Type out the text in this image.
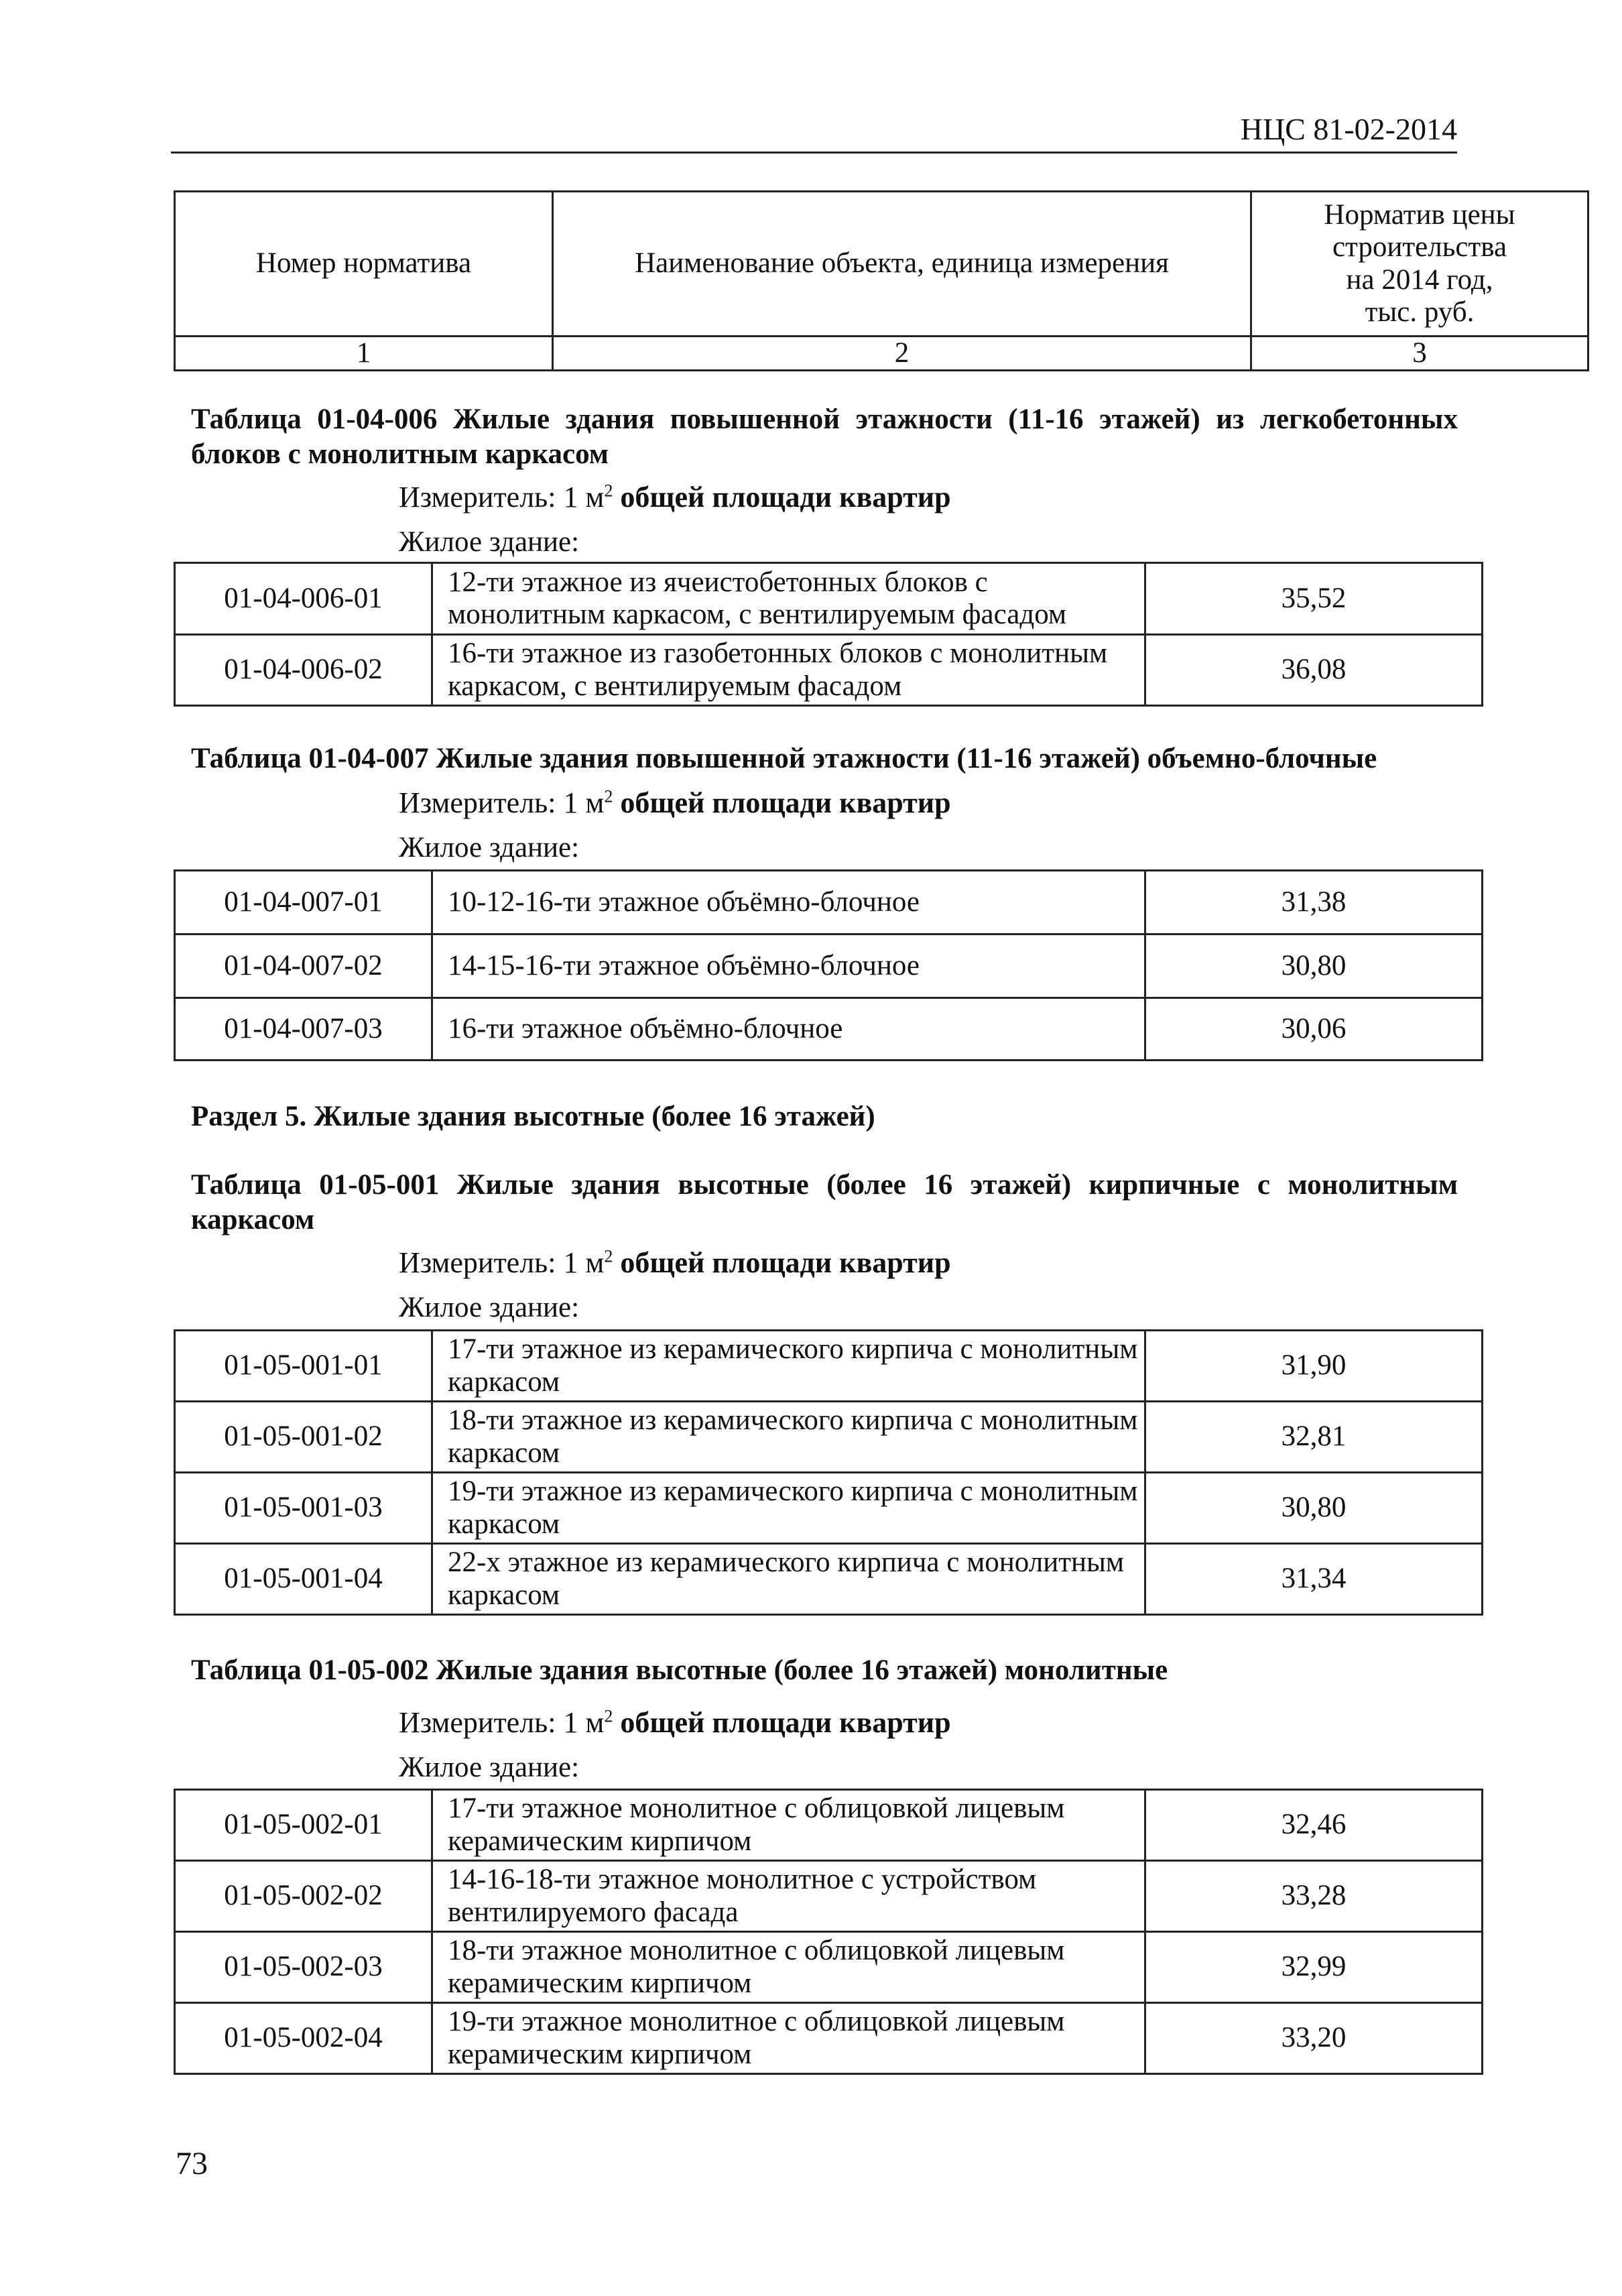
НЦС 81-02-2014
Номер норматива	Наименование объекта, единица измерения	Норматив цены
строительства
на 2014 год,
тыс. руб.

1	2	3
Таблица 01-04-006 Жилые здания повышенной этажности (11-16 этажей) из легкобетонных блоков с монолитным каркасом
Измеритель: 1 $м^2$ общей площади квартир
Жилое здание:
01-04-006-01	12-ти этажное из ячеистобетонных блоков с монолитным каркасом, с вентилируемым фасадом	35,52
01-04-006-02	16-ти этажное из газобетонных блоков с монолитным каркасом, с вентилируемым фасадом	36,08
Таблица 01-04-007 Жилые здания повышенной этажности (11-16 этажей) объемно-блочные
Измеритель: 1 $м^2$ общей площади квартир
Жилое здание:
01-04-007-01	10-12-16-ти этажное объёмно-блочное	31,38
01-04-007-02	14-15-16-ти этажное объёмно-блочное	30,80
01-04-007-03	16-ти этажное объёмно-блочное	30,06
Раздел 5. Жилые здания высотные (более 16 этажей)
Таблица 01-05-001 Жилые здания высотные (более 16 этажей) кирпичные с монолитным каркасом
Измеритель: 1 $м^2$ общей площади квартир
Жилое здание:
01-05-001-01	17-ти этажное из керамического кирпича с монолитным каркасом	31,90
01-05-001-02	18-ти этажное из керамического кирпича с монолитным каркасом	32,81
01-05-001-03	19-ти этажное из керамического кирпича с монолитным каркасом	30,80
01-05-001-04	22-х этажное из керамического кирпича с монолитным каркасом	31,34
Таблица 01-05-002 Жилые здания высотные (более 16 этажей) монолитные
Измеритель: 1 $м^2$ общей площади квартир
Жилое здание:
01-05-002-01	17-ти этажное монолитное с облицовкой лицевым керамическим кирпичом	32,46
01-05-002-02	14-16-18-ти этажное монолитное с устройством вентилируемого фасада	33,28
01-05-002-03	18-ти этажное монолитное с облицовкой лицевым керамическим кирпичом	32,99
01-05-002-04	19-ти этажное монолитное с облицовкой лицевым керамическим кирпичом	33,20
73
